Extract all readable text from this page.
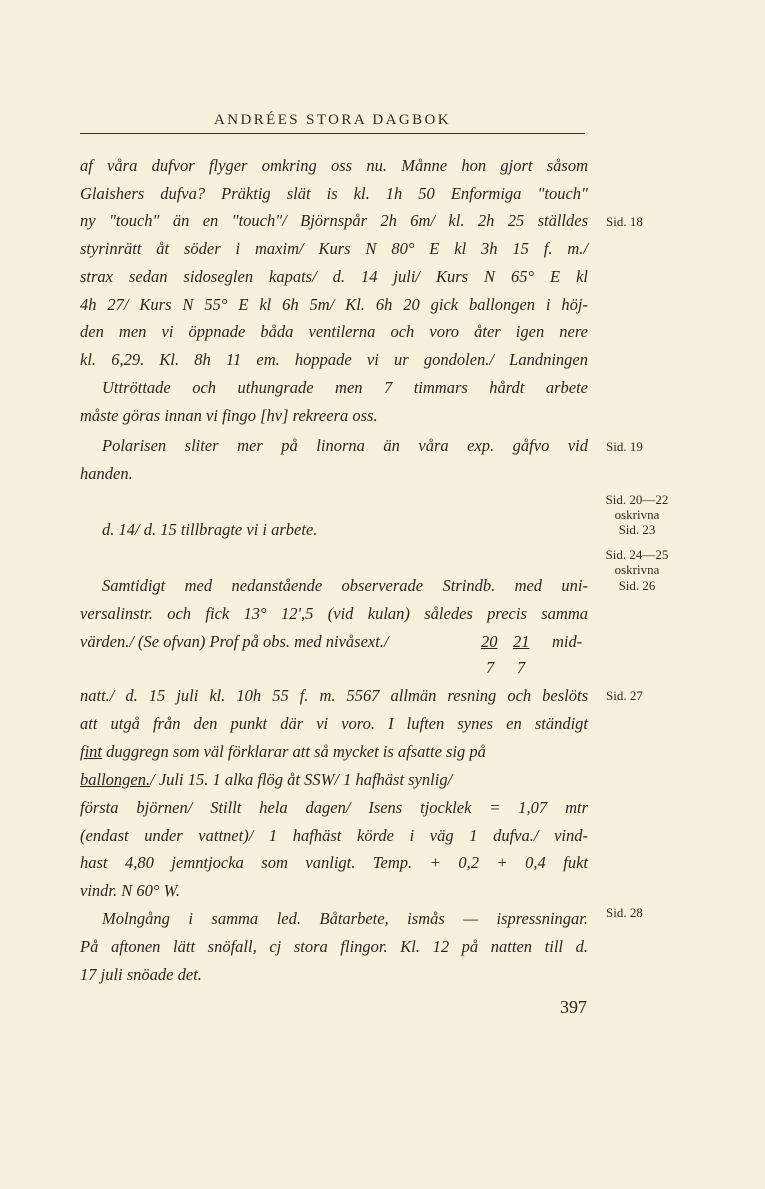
ANDRÉES STORA DAGBOK
af våra dufvor flyger omkring oss nu. Månne hon gjort såsom
Glaishers dufva? Präktig slät is kl. 1h 50 Enformiga "touch"
ny "touch" än en "touch"/ Björnspår 2h 6m/ kl. 2h 25 ställdes
styrinrätt åt söder i maxim/ Kurs N 80° E kl 3h 15 f. m./
strax sedan sidoseglen kapats/ d. 14 juli/ Kurs N 65° E kl
4h 27/ Kurs N 55° E kl 6h 5m/ Kl. 6h 20 gick ballongen i höj-
den men vi öppnade båda ventilerna och voro åter igen nere
kl. 6,29. Kl. 8h 11 em. hoppade vi ur gondolen./ Landningen
Uttröttade och uthungrade men 7 timmars hårdt arbete
måste göras innan vi fingo [hv] rekreera oss.
Polarisen sliter mer på linorna än våra exp. gåfvo vid
handen.
d. 14/ d. 15 tillbragte vi i arbete.
Samtidigt med nedanstående observerade Strindb. med uni-
versalinstr. och fick 13° 12',5 (vid kulan) således precis samma
värden./ (Se ofvan) Prof på obs. med nivåsext./	20 21 mid-
7 7
natt./ d. 15 juli kl. 10h 55 f. m. 5567 allmän resning och beslöts
att utgå från den punkt där vi voro. I luften synes en ständigt
fint duggregn som väl förklarar att så mycket is afsatte sig på
ballongen./ Juli 15. 1 alka flög åt SSW/ 1 hafhäst synlig/
första björnen/ Stillt hela dagen/ Isens tjocklek = 1,07 mtr
(endast under vattnet)/ 1 hafhäst körde i väg 1 dufva./ vind-
hast 4,80 jemntjocka som vanligt. Temp. + 0,2 + 0,4 fukt
vindr. N 60° W.
Molngång i samma led. Båtarbete, ismås — ispressningar.
På aftonen lätt snöfall, cj stora flingor. Kl. 12 på natten till d.
17 juli snöade det.
Sid. 18
Sid. 19
Sid. 20—22
oskrivna
Sid. 23
Sid. 24—25
oskrivna
Sid. 26
Sid. 27
Sid. 28
397
